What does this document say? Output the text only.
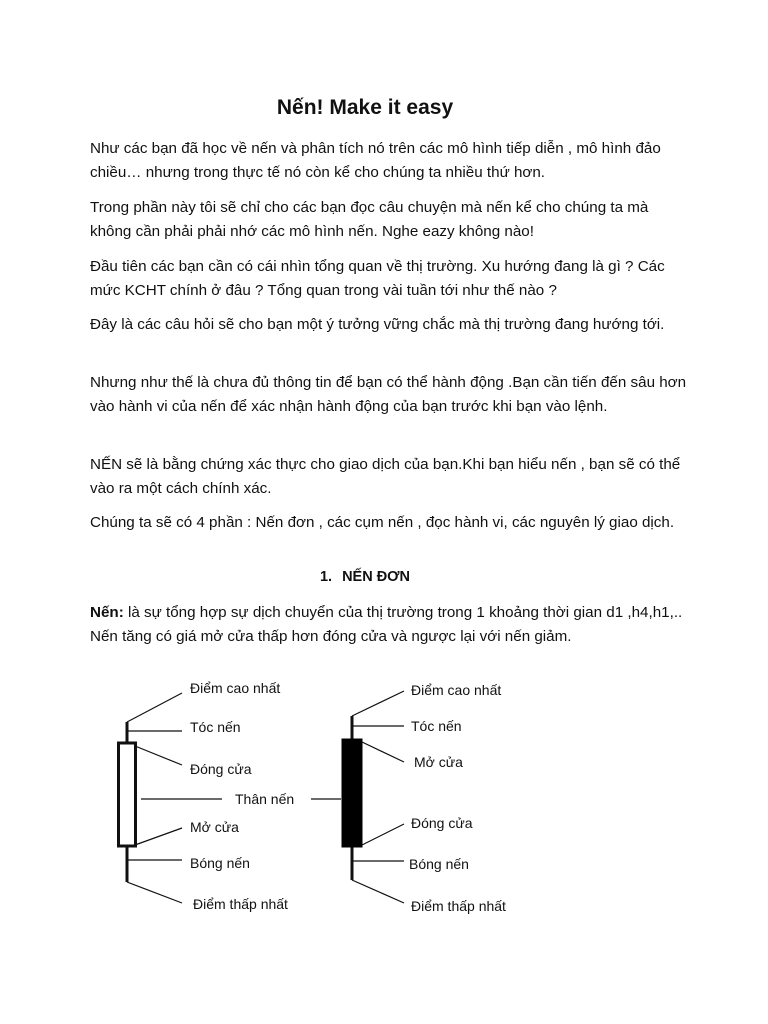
Nến! Make it easy

Như các bạn đã học về nến và phân tích nó trên các mô hình tiếp diễn , mô hình đảo chiều… nhưng trong thực tế nó còn kể cho chúng ta nhiều thứ hơn.

Trong phần này tôi sẽ chỉ cho các bạn đọc câu chuyện mà nến kể cho chúng ta mà không cần phải phải nhớ các mô hình nến. Nghe eazy không nào!

Đầu tiên các bạn cần có cái nhìn tổng quan về thị trường. Xu hướng đang là gì ? Các mức KCHT chính ở đâu ? Tổng quan trong vài tuần tới như thế nào ?

Đây là các câu hỏi sẽ cho bạn một ý tưởng vững chắc mà thị trường đang hướng tới.

Nhưng như thế là chưa đủ thông tin để bạn có thể hành động .Bạn cần tiến đến sâu hơn vào hành vi của nến để xác nhận hành động của bạn trước khi bạn vào lệnh.

NẾN sẽ là bằng chứng xác thực cho giao dịch của bạn.Khi bạn hiểu nến , bạn sẽ có thể vào ra một cách chính xác.

Chúng ta sẽ có 4 phần : Nến đơn , các cụm nến , đọc hành vi, các nguyên lý giao dịch.

1. NẾN ĐƠN

Nến: là sự tổng hợp sự dịch chuyển của thị trường trong 1 khoảng thời gian d1 ,h4,h1,.. Nến tăng có giá mở cửa thấp hơn đóng cửa và ngược lại với nến giảm.

Điểm cao nhất
Tóc nến
Đóng cửa
Mở cửa
Bóng nến
Điểm thấp nhất
Thân nến
Điểm cao nhất
Tóc nến
Mở cửa
Đóng cửa
Bóng nến
Điểm thấp nhất
